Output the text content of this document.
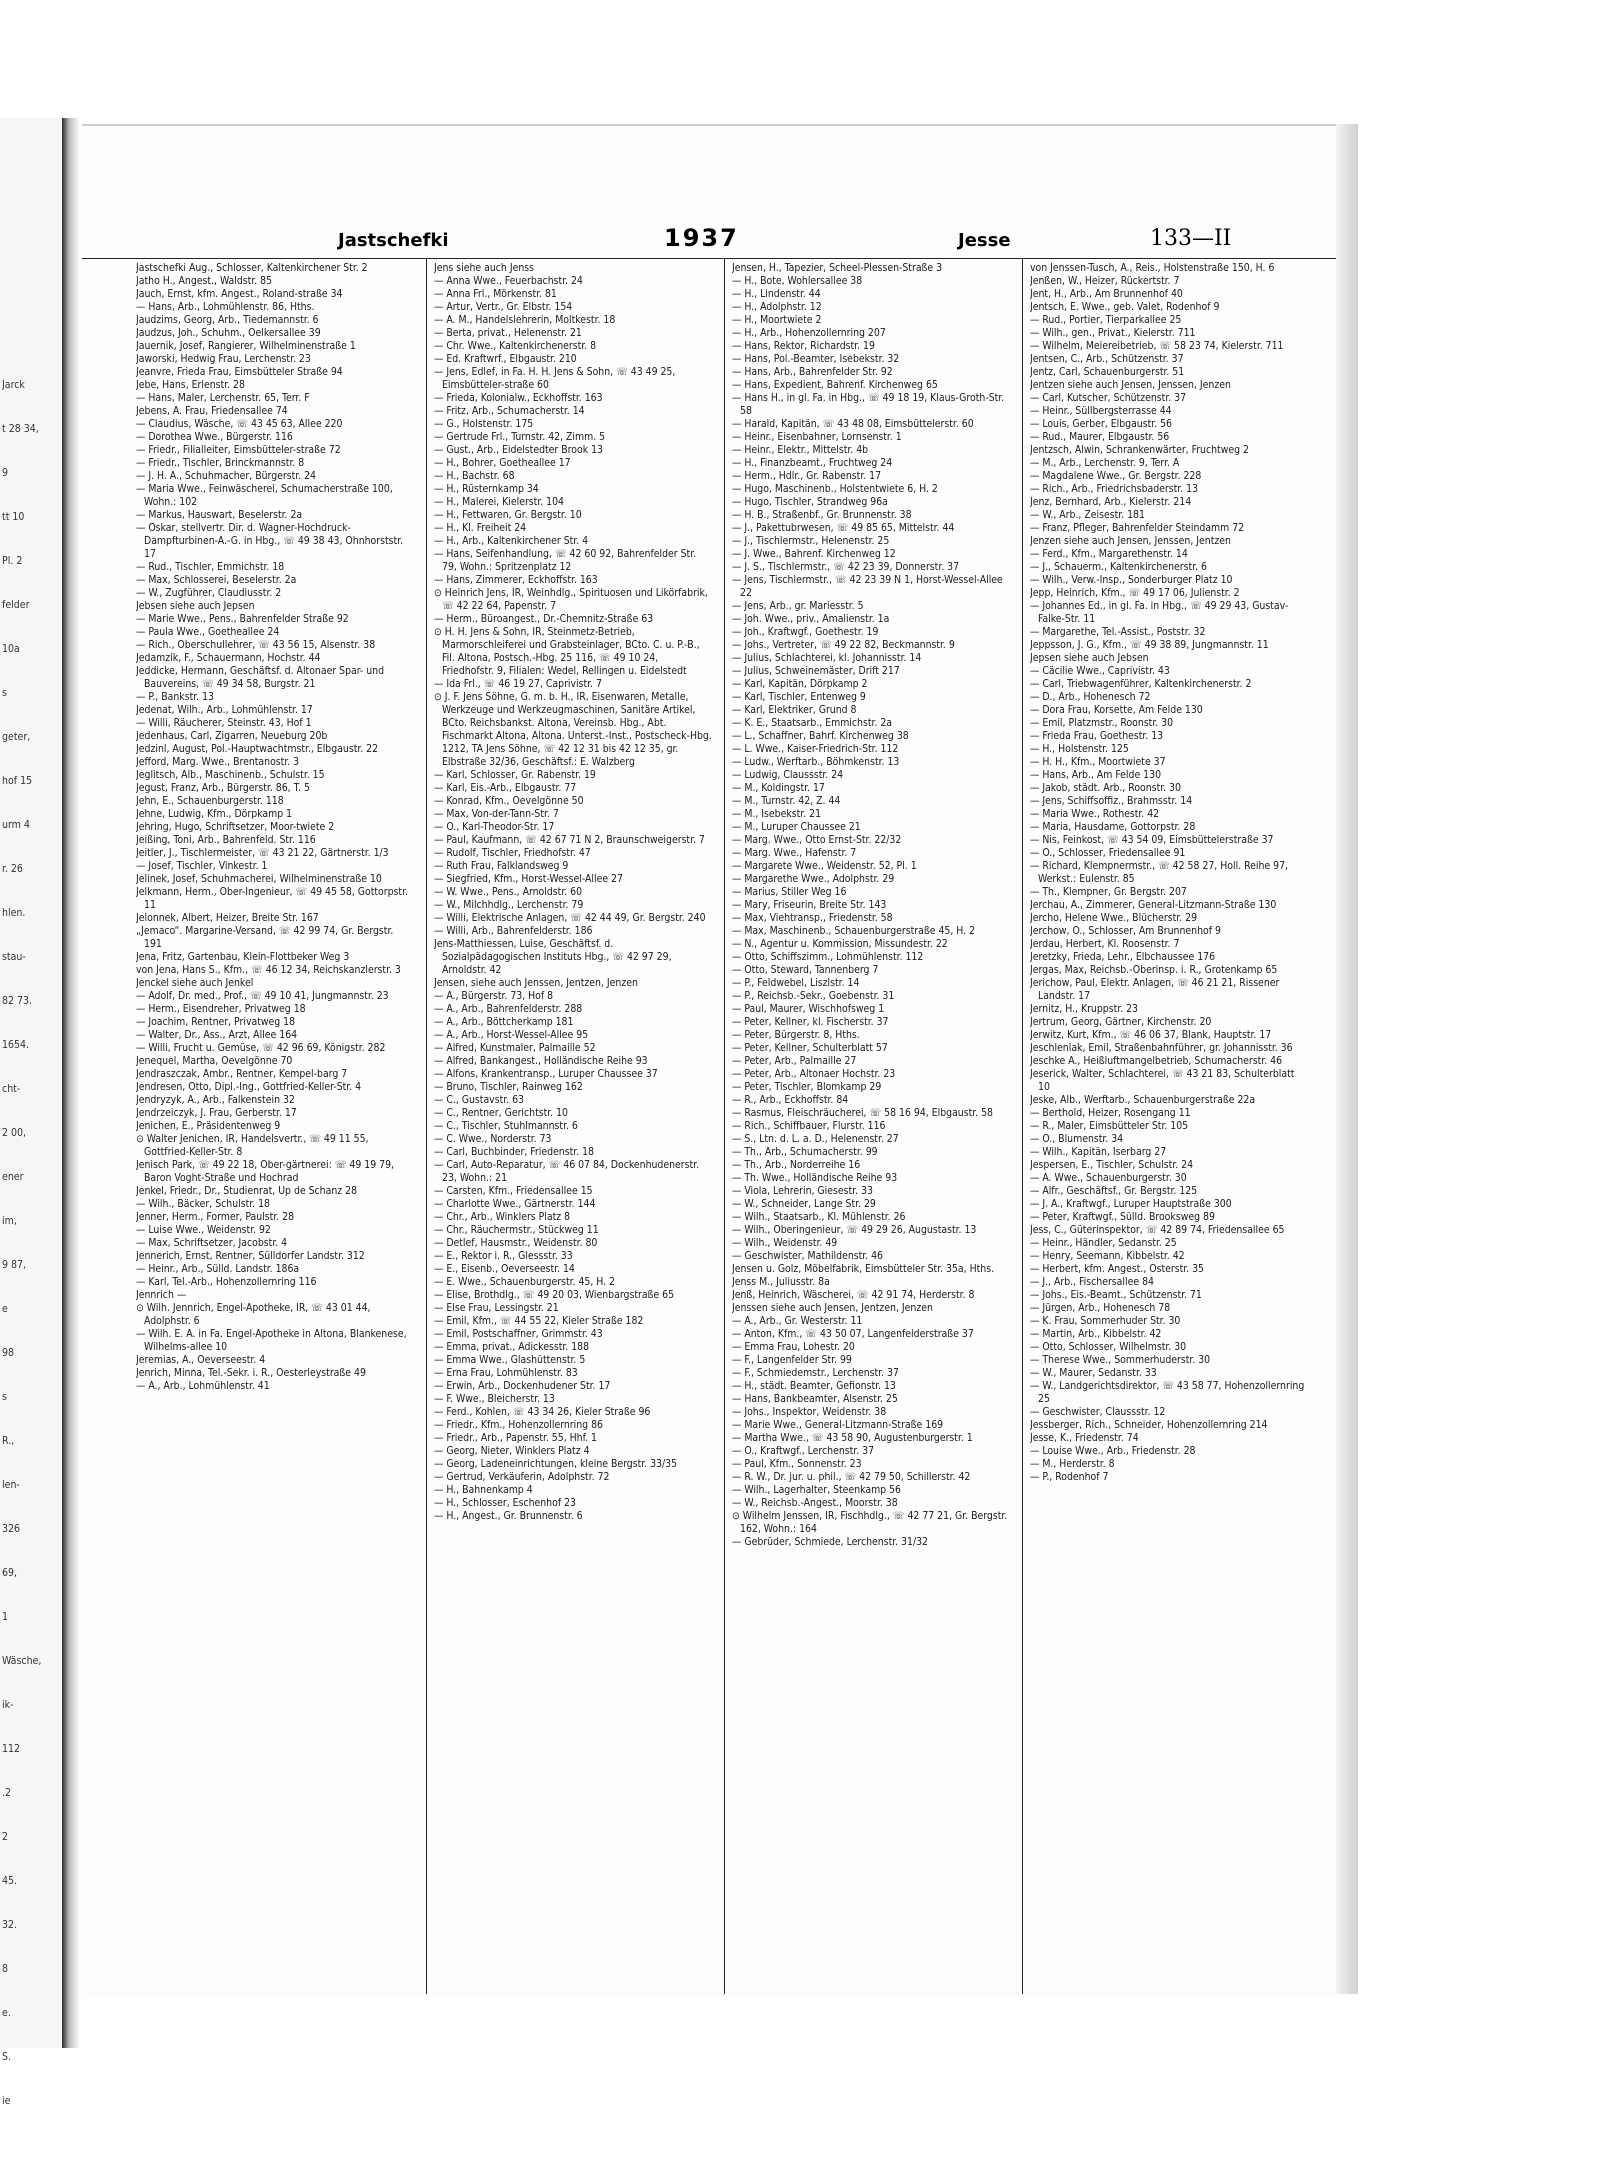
Jarck
t 28 34,
9
tt 10
Pl. 2
felder
10a
s
geter,
hof 15
urm 4
r. 26
hlen.
stau-
82 73.
1654.
cht-
2 00,
ener
im,
9 87,
e
98
s
R.,
len-
326
69,
1
Wäsche,
ik-
112
.2
2
45.
32.
8
e.
S.
ie
Jastschefki	1937	Jesse	133—II

Jastschefki Aug., Schlosser, Kaltenkirchener Str. 2

Jatho H., Angest., Waldstr. 85

Jauch, Ernst, kfm. Angest., Roland-straße 34

— Hans, Arb., Lohmühlenstr. 86, Hths.

Jaudzims, Georg, Arb., Tiedemannstr. 6

Jaudzus, Joh., Schuhm., Oelkersallee 39

Jauernik, Josef, Rangierer, Wilhelminenstraße 1

Jaworski, Hedwig Frau, Lerchenstr. 23

Jeanvre, Frieda Frau, Eimsbütteler Straße 94

Jebe, Hans, Erlenstr. 28

— Hans, Maler, Lerchenstr. 65, Terr. F

Jebens, A. Frau, Friedensallee 74

— Claudius, Wäsche, ☏ 43 45 63, Allee 220

— Dorothea Wwe., Bürgerstr. 116

— Friedr., Filialleiter, Eimsbütteler-straße 72

— Friedr., Tischler, Brinckmannstr. 8

— J. H. A., Schuhmacher, Bürgerstr. 24

— Maria Wwe., Feinwäscherei, Schumacherstraße 100, Wohn.: 102

— Markus, Hauswart, Beselerstr. 2a

— Oskar, stellvertr. Dir. d. Wagner-Hochdruck-Dampfturbinen-A.-G. in Hbg., ☏ 49 38 43, Ohnhorststr. 17

— Rud., Tischler, Emmichstr. 18

— Max, Schlosserei, Beselerstr. 2a

— W., Zugführer, Claudiusstr. 2

Jebsen siehe auch Jepsen

— Marie Wwe., Pens., Bahrenfelder Straße 92

— Paula Wwe., Goetheallee 24

— Rich., Oberschullehrer, ☏ 43 56 15, Alsenstr. 38

Jedamzik, F., Schauermann, Hochstr. 44

Jeddicke, Hermann, Geschäftsf. d. Altonaer Spar- und Bauvereins, ☏ 49 34 58, Burgstr. 21

— P., Bankstr. 13

Jedenat, Wilh., Arb., Lohmühlenstr. 17

— Willi, Räucherer, Steinstr. 43, Hof 1

Jedenhaus, Carl, Zigarren, Neueburg 20b

Jedzinl, August, Pol.-Hauptwachtmstr., Elbgaustr. 22

Jefford, Marg. Wwe., Brentanostr. 3

Jeglitsch, Alb., Maschinenb., Schulstr. 15

Jegust, Franz, Arb., Bürgerstr. 86, T. 5

Jehn, E., Schauenburgerstr. 118

Jehne, Ludwig, Kfm., Dörpkamp 1

Jehring, Hugo, Schriftsetzer, Moor-twiete 2

Jeißing, Toni, Arb., Bahrenfeld. Str. 116

Jeitler, J., Tischlermeister, ☏ 43 21 22, Gärtnerstr. 1/3

— Josef, Tischler, Vinkestr. 1

Jelinek, Josef, Schuhmacherei, Wilhelminenstraße 10

Jelkmann, Herm., Ober-Ingenieur, ☏ 49 45 58, Gottorpstr. 11

Jelonnek, Albert, Heizer, Breite Str. 167

„Jemaco“. Margarine-Versand, ☏ 42 99 74, Gr. Bergstr. 191

Jena, Fritz, Gartenbau, Klein-Flottbeker Weg 3

von Jena, Hans S., Kfm., ☏ 46 12 34, Reichskanzlerstr. 3

Jenckel siehe auch Jenkel

— Adolf, Dr. med., Prof., ☏ 49 10 41, Jungmannstr. 23

— Herm., Eisendreher, Privatweg 18

— Joachim, Rentner, Privatweg 18

— Walter, Dr., Ass., Arzt, Allee 164

— Willi, Frucht u. Gemüse, ☏ 42 96 69, Königstr. 282

Jenequel, Martha, Oevelgönne 70

Jendraszczak, Ambr., Rentner, Kempel-barg 7

Jendresen, Otto, Dipl.-Ing., Gottfried-Keller-Str. 4

Jendryzyk, A., Arb., Falkenstein 32

Jendrzeiczyk, J. Frau, Gerberstr. 17

Jenichen, E., Präsidentenweg 9

⊙ Walter Jenichen, IR, Handelsvertr., ☏ 49 11 55, Gottfried-Keller-Str. 8

Jenisch Park, ☏ 49 22 18, Ober-gärtnerei: ☏ 49 19 79, Baron Voght-Straße und Hochrad

Jenkel, Friedr., Dr., Studienrat, Up de Schanz 28

— Wilh., Bäcker, Schulstr. 18

Jenner, Herm., Former, Paulstr. 28

— Luise Wwe., Weidenstr. 92

— Max, Schriftsetzer, Jacobstr. 4

Jennerich, Ernst, Rentner, Sülldorfer Landstr. 312

— Heinr., Arb., Sülld. Landstr. 186a

— Karl, Tel.-Arb., Hohenzollernring 116

Jennrich —

⊙ Wilh. Jennrich, Engel-Apotheke, IR, ☏ 43 01 44, Adolphstr. 6

— Wilh. E. A. in Fa. Engel-Apotheke in Altona, Blankenese, Wilhelms-allee 10

Jeremias, A., Oeverseestr. 4

Jenrich, Minna, Tel.-Sekr. i. R., Oesterleystraße 49

— A., Arb., Lohmühlenstr. 41

Jens siehe auch Jenss

— Anna Wwe., Feuerbachstr. 24

— Anna Frl., Mörkenstr. 81

— Artur, Vertr., Gr. Elbstr. 154

— A. M., Handelslehrerin, Moltkestr. 18

— Berta, privat., Helenenstr. 21

— Chr. Wwe., Kaltenkirchenerstr. 8

— Ed. Kraftwrf., Elbgaustr. 210

— Jens, Edlef, in Fa. H. H. Jens & Sohn, ☏ 43 49 25, Eimsbütteler-straße 60

— Frieda, Kolonialw., Eckhoffstr. 163

— Fritz, Arb., Schumacherstr. 14

— G., Holstenstr. 175

— Gertrude Frl., Turnstr. 42, Zimm. 5

— Gust., Arb., Eidelstedter Brook 13

— H., Bohrer, Goetheallee 17

— H., Bachstr. 68

— H., Rüsternkamp 34

— H., Malerei, Kielerstr. 104

— H., Fettwaren, Gr. Bergstr. 10

— H., Kl. Freiheit 24

— H., Arb., Kaltenkirchener Str. 4

— Hans, Seifenhandlung, ☏ 42 60 92, Bahrenfelder Str. 79, Wohn.: Spritzenplatz 12

— Hans, Zimmerer, Eckhoffstr. 163

⊙ Heinrich Jens, IR, Weinhdlg., Spirituosen und Likörfabrik, ☏ 42 22 64, Papenstr. 7

— Herm., Büroangest., Dr.-Chemnitz-Straße 63

⊙ H. H. Jens & Sohn, IR, Steinmetz-Betrieb, Marmorschleiferei und Grabsteinlager, BCto. C. u. P.-B., Fil. Altona, Postsch.-Hbg. 25 116, ☏ 49 10 24, Friedhofstr. 9, Filialen: Wedel, Rellingen u. Eidelstedt

— Ida Frl., ☏ 46 19 27, Caprivistr. 7

⊙ J. F. Jens Söhne, G. m. b. H., IR, Eisenwaren, Metalle, Werkzeuge und Werkzeugmaschinen, Sanitäre Artikel, BCto. Reichsbankst. Altona, Vereinsb. Hbg., Abt. Fischmarkt Altona, Altona. Unterst.-Inst., Postscheck-Hbg. 1212, TA Jens Söhne, ☏ 42 12 31 bis 42 12 35, gr. Elbstraße 32/36, Geschäftsf.: E. Walzberg

— Karl, Schlosser, Gr. Rabenstr. 19

— Karl, Eis.-Arb., Elbgaustr. 77

— Konrad, Kfm., Oevelgönne 50

— Max, Von-der-Tann-Str. 7

— O., Karl-Theodor-Str. 17

— Paul, Kaufmann, ☏ 42 67 71 N 2, Braunschweigerstr. 7

— Rudolf, Tischler, Friedhofstr. 47

— Ruth Frau, Falklandsweg 9

— Siegfried, Kfm., Horst-Wessel-Allee 27

— W. Wwe., Pens., Arnoldstr. 60

— W., Milchhdlg., Lerchenstr. 79

— Willi, Elektrische Anlagen, ☏ 42 44 49, Gr. Bergstr. 240

— Willi, Arb., Bahrenfelderstr. 186

Jens-Matthiessen, Luise, Geschäftsf. d. Sozialpädagogischen Instituts Hbg., ☏ 42 97 29, Arnoldstr. 42

Jensen, siehe auch Jenssen, Jentzen, Jenzen

— A., Bürgerstr. 73, Hof 8

— A., Arb., Bahrenfelderstr. 288

— A., Arb., Böttcherkamp 181

— A., Arb., Horst-Wessel-Allee 95

— Alfred, Kunstmaler, Palmaille 52

— Alfred, Bankangest., Holländische Reihe 93

— Alfons, Krankentransp., Luruper Chaussee 37

— Bruno, Tischler, Rainweg 162

— C., Gustavstr. 63

— C., Rentner, Gerichtstr. 10

— C., Tischler, Stuhlmannstr. 6

— C. Wwe., Norderstr. 73

— Carl, Buchbinder, Friedenstr. 18

— Carl, Auto-Reparatur, ☏ 46 07 84, Dockenhudenerstr. 23, Wohn.: 21

— Carsten, Kfm., Friedensallee 15

— Charlotte Wwe., Gärtnerstr. 144

— Chr., Arb., Winklers Platz 8

— Chr., Räuchermstr., Stückweg 11

— Detlef, Hausmstr., Weidenstr. 80

— E., Rektor i. R., Glessstr. 33

— E., Eisenb., Oeverseestr. 14

— E. Wwe., Schauenburgerstr. 45, H. 2

— Elise, Brothdlg., ☏ 49 20 03, Wienbargstraße 65

— Else Frau, Lessingstr. 21

— Emil, Kfm., ☏ 44 55 22, Kieler Straße 182

— Emil, Postschaffner, Grimmstr. 43

— Emma, privat., Adickesstr. 188

— Emma Wwe., Glashüttenstr. 5

— Erna Frau, Lohmühlenstr. 83

— Erwin, Arb., Dockenhudener Str. 17

— F. Wwe., Bleicherstr. 13

— Ferd., Kohlen, ☏ 43 34 26, Kieler Straße 96

— Friedr., Kfm., Hohenzollernring 86

— Friedr., Arb., Papenstr. 55, Hhf. 1

— Georg, Nieter, Winklers Platz 4

— Georg, Ladeneinrichtungen, kleine Bergstr. 33/35

— Gertrud, Verkäuferin, Adolphstr. 72

— H., Bahnenkamp 4

— H., Schlosser, Eschenhof 23

— H., Angest., Gr. Brunnenstr. 6

Jensen, H., Tapezier, Scheel-Plessen-Straße 3

— H., Bote, Wohlersallee 38

— H., Lindenstr. 44

— H., Adolphstr. 12

— H., Moortwiete 2

— H., Arb., Hohenzollernring 207

— Hans, Rektor, Richardstr. 19

— Hans, Pol.-Beamter, Isebekstr. 32

— Hans, Arb., Bahrenfelder Str. 92

— Hans, Expedient, Bahrenf. Kirchenweg 65

— Hans H., in gl. Fa. in Hbg., ☏ 49 18 19, Klaus-Groth-Str. 58

— Harald, Kapitän, ☏ 43 48 08, Eimsbüttelerstr. 60

— Heinr., Eisenbahner, Lornsenstr. 1

— Heinr., Elektr., Mittelstr. 4b

— H., Finanzbeamt., Fruchtweg 24

— Herm., Hdlr., Gr. Rabenstr. 17

— Hugo, Maschinenb., Holstentwiete 6, H. 2

— Hugo, Tischler, Strandweg 96a

— H. B., Straßenbf., Gr. Brunnenstr. 38

— J., Pakettubrwesen, ☏ 49 85 65, Mittelstr. 44

— J., Tischlermstr., Helenenstr. 25

— J. Wwe., Bahrenf. Kirchenweg 12

— J. S., Tischlermstr., ☏ 42 23 39, Donnerstr. 37

— Jens, Tischlermstr., ☏ 42 23 39 N 1, Horst-Wessel-Allee 22

— Jens, Arb., gr. Mariesstr. 5

— Joh. Wwe., priv., Amalienstr. 1a

— Joh., Kraftwgf., Goethestr. 19

— Johs., Vertreter, ☏ 49 22 82, Beckmannstr. 9

— Julius, Schlachterei, kl. Johannisstr. 14

— Julius, Schweinemäster, Drift 217

— Karl, Kapitän, Dörpkamp 2

— Karl, Tischler, Entenweg 9

— Karl, Elektriker, Grund 8

— K. E., Staatsarb., Emmichstr. 2a

— L., Schaffner, Bahrf. Kirchenweg 38

— L. Wwe., Kaiser-Friedrich-Str. 112

— Ludw., Werftarb., Böhmkenstr. 13

— Ludwig, Claussstr. 24

— M., Koldingstr. 17

— M., Turnstr. 42, Z. 44

— M., Isebekstr. 21

— M., Luruper Chaussee 21

— Marg. Wwe., Otto Ernst-Str. 22/32

— Marg. Wwe., Hafenstr. 7

— Margarete Wwe., Weidenstr. 52, Pl. 1

— Margarethe Wwe., Adolphstr. 29

— Marius, Stiller Weg 16

— Mary, Friseurin, Breite Str. 143

— Max, Viehtransp., Friedenstr. 58

— Max, Maschinenb., Schauenburgerstraße 45, H. 2

— N., Agentur u. Kommission, Missundestr. 22

— Otto, Schiffszimm., Lohmühlenstr. 112

— Otto, Steward, Tannenberg 7

— P., Feldwebel, Liszlstr. 14

— P., Reichsb.-Sekr., Goebenstr. 31

— Paul, Maurer, Wischhofsweg 1

— Peter, Kellner, kl. Fischerstr. 37

— Peter, Bürgerstr. 8, Hths.

— Peter, Kellner, Schulterblatt 57

— Peter, Arb., Palmaille 27

— Peter, Arb., Altonaer Hochstr. 23

— Peter, Tischler, Blomkamp 29

— R., Arb., Eckhoffstr. 84

— Rasmus, Fleischräucherei, ☏ 58 16 94, Elbgaustr. 58

— Rich., Schiffbauer, Flurstr. 116

— S., Ltn. d. L. a. D., Helenenstr. 27

— Th., Arb., Schumacherstr. 99

— Th., Arb., Norderreihe 16

— Th. Wwe., Holländische Reihe 93

— Viola, Lehrerin, Giesestr. 33

— W., Schneider, Lange Str. 29

— Wilh., Staatsarb., Kl. Mühlenstr. 26

— Wilh., Oberingenieur, ☏ 49 29 26, Augustastr. 13

— Wilh., Weidenstr. 49

— Geschwister, Mathildenstr. 46

Jensen u. Golz, Möbelfabrik, Eimsbütteler Str. 35a, Hths.

Jenss M., Juliusstr. 8a

Jenß, Heinrich, Wäscherei, ☏ 42 91 74, Herderstr. 8

Jenssen siehe auch Jensen, Jentzen, Jenzen

— A., Arb., Gr. Westerstr. 11

— Anton, Kfm., ☏ 43 50 07, Langenfelderstraße 37

— Emma Frau, Lohestr. 20

— F., Langenfelder Str. 99

— F., Schmiedemstr., Lerchenstr. 37

— H., städt. Beamter, Gefionstr. 13

— Hans, Bankbeamter, Alsenstr. 25

— Johs., Inspektor, Weidenstr. 38

— Marie Wwe., General-Litzmann-Straße 169

— Martha Wwe., ☏ 43 58 90, Augustenburgerstr. 1

— O., Kraftwgf., Lerchenstr. 37

— Paul, Kfm., Sonnenstr. 23

— R. W., Dr. jur. u. phil., ☏ 42 79 50, Schillerstr. 42

— Wilh., Lagerhalter, Steenkamp 56

— W., Reichsb.-Angest., Moorstr. 38

⊙ Wilhelm Jenssen, IR, Fischhdlg., ☏ 42 77 21, Gr. Bergstr. 162, Wohn.: 164

— Gebrüder, Schmiede, Lerchenstr. 31/32

von Jenssen-Tusch, A., Reis., Holstenstraße 150, H. 6

Jenßen, W., Heizer, Rückertstr. 7

Jent, H., Arb., Am Brunnenhof 40

Jentsch, E. Wwe., geb. Valet, Rodenhof 9

— Rud., Portier, Tierparkallee 25

— Wilh., gen., Privat., Kielerstr. 711

— Wilhelm, Meiereibetrieb, ☏ 58 23 74, Kielerstr. 711

Jentsen, C., Arb., Schützenstr. 37

Jentz, Carl, Schauenburgerstr. 51

Jentzen siehe auch Jensen, Jenssen, Jenzen

— Carl, Kutscher, Schützenstr. 37

— Heinr., Süllbergsterrasse 44

— Louis, Gerber, Elbgaustr. 56

— Rud., Maurer, Elbgaustr. 56

Jentzsch, Alwin, Schrankenwärter, Fruchtweg 2

— M., Arb., Lerchenstr. 9, Terr. A

— Magdalene Wwe., Gr. Bergstr. 228

— Rich., Arb., Friedrichsbaderstr. 13

Jenz, Bernhard, Arb., Kielerstr. 214

— W., Arb., Zeisestr. 181

— Franz, Pfleger, Bahrenfelder Steindamm 72

Jenzen siehe auch Jensen, Jenssen, Jentzen

— Ferd., Kfm., Margarethenstr. 14

— J., Schauerm., Kaltenkirchenerstr. 6

— Wilh., Verw.-Insp., Sonderburger Platz 10

Jepp, Heinrich, Kfm., ☏ 49 17 06, Julienstr. 2

— Johannes Ed., in gl. Fa. in Hbg., ☏ 49 29 43, Gustav-Falke-Str. 11

— Margarethe, Tel.-Assist., Poststr. 32

Jeppsson, J. G., Kfm., ☏ 49 38 89, Jungmannstr. 11

Jepsen siehe auch Jebsen

— Cäcilie Wwe., Caprivistr. 43

— Carl, Triebwagenführer, Kaltenkirchenerstr. 2

— D., Arb., Hohenesch 72

— Dora Frau, Korsette, Am Felde 130

— Emil, Platzmstr., Roonstr. 30

— Frieda Frau, Goethestr. 13

— H., Holstenstr. 125

— H. H., Kfm., Moortwiete 37

— Hans, Arb., Am Felde 130

— Jakob, städt. Arb., Roonstr. 30

— Jens, Schiffsoffiz., Brahmsstr. 14

— Maria Wwe., Rothestr. 42

— Maria, Hausdame, Gottorpstr. 28

— Nis, Feinkost, ☏ 43 54 09, Eimsbüttelerstraße 37

— O., Schlosser, Friedensallee 91

— Richard, Klempnermstr., ☏ 42 58 27, Holl. Reihe 97, Werkst.: Eulenstr. 85

— Th., Klempner, Gr. Bergstr. 207

Jerchau, A., Zimmerer, General-Litzmann-Straße 130

Jercho, Helene Wwe., Blücherstr. 29

Jerchow, O., Schlosser, Am Brunnenhof 9

Jerdau, Herbert, Kl. Roosenstr. 7

Jeretzky, Frieda, Lehr., Elbchaussee 176

Jergas, Max, Reichsb.-Oberinsp. i. R., Grotenkamp 65

Jerichow, Paul, Elektr. Anlagen, ☏ 46 21 21, Rissener Landstr. 17

Jernitz, H., Kruppstr. 23

Jertrum, Georg, Gärtner, Kirchenstr. 20

Jerwitz, Kurt, Kfm., ☏ 46 06 37, Blank, Hauptstr. 17

Jeschlenlak, Emil, Straßenbahnführer, gr. Johannisstr. 36

Jeschke A., Heißluftmangelbetrieb, Schumacherstr. 46

Jeserick, Walter, Schlachterei, ☏ 43 21 83, Schulterblatt 10

Jeske, Alb., Werftarb., Schauenburgerstraße 22a

— Berthold, Heizer, Rosengang 11

— R., Maler, Eimsbütteler Str. 105

— O., Blumenstr. 34

— Wilh., Kapitän, Iserbarg 27

Jespersen, E., Tischler, Schulstr. 24

— A. Wwe., Schauenburgerstr. 30

— Alfr., Geschäftsf., Gr. Bergstr. 125

— J. A., Kraftwgf., Luruper Hauptstraße 300

— Peter, Kraftwgf., Sülld. Brooksweg 89

Jess, C., Güterinspektor, ☏ 42 89 74, Friedensallee 65

— Heinr., Händler, Sedanstr. 25

— Henry, Seemann, Kibbelstr. 42

— Herbert, kfm. Angest., Osterstr. 35

— J., Arb., Fischersallee 84

— Johs., Eis.-Beamt., Schützenstr. 71

— Jürgen, Arb., Hohenesch 78

— K. Frau, Sommerhuder Str. 30

— Martin, Arb., Kibbelstr. 42

— Otto, Schlosser, Wilhelmstr. 30

— Therese Wwe., Sommerhuderstr. 30

— W., Maurer, Sedanstr. 33

— W., Landgerichtsdirektor, ☏ 43 58 77, Hohenzollernring 25

— Geschwister, Claussstr. 12

Jessberger, Rich., Schneider, Hohenzollernring 214

Jesse, K., Friedenstr. 74

— Louise Wwe., Arb., Friedenstr. 28

— M., Herderstr. 8

— P., Rodenhof 7
